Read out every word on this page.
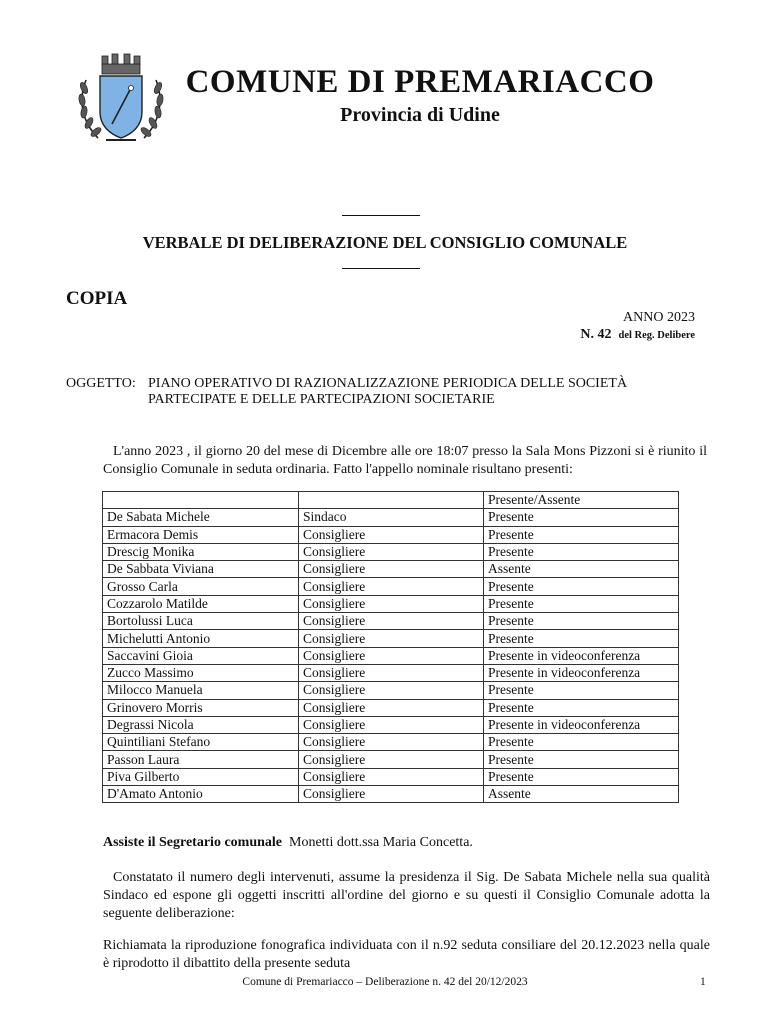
COMUNE DI PREMARIACCO
Provincia di Udine
VERBALE DI DELIBERAZIONE DEL CONSIGLIO COMUNALE
COPIA
ANNO 2023
N. 42 del Reg. Delibere
OGGETTO: PIANO OPERATIVO DI RAZIONALIZZAZIONE PERIODICA DELLE SOCIETÀ
PARTECIPATE E DELLE PARTECIPAZIONI SOCIETARIE
L'anno 2023 , il giorno 20 del mese di Dicembre alle ore 18:07 presso la Sala Mons Pizzoni si è riunito il Consiglio Comunale in seduta ordinaria. Fatto l'appello nominale risultano presenti:
		Presente/Assente
De Sabata Michele	Sindaco	Presente
Ermacora Demis	Consigliere	Presente
Drescig Monika	Consigliere	Presente
De Sabbata Viviana	Consigliere	Assente
Grosso Carla	Consigliere	Presente
Cozzarolo Matilde	Consigliere	Presente
Bortolussi Luca	Consigliere	Presente
Michelutti Antonio	Consigliere	Presente
Saccavini Gioia	Consigliere	Presente in videoconferenza
Zucco Massimo	Consigliere	Presente in videoconferenza
Milocco Manuela	Consigliere	Presente
Grinovero Morris	Consigliere	Presente
Degrassi Nicola	Consigliere	Presente in videoconferenza
Quintiliani Stefano	Consigliere	Presente
Passon Laura	Consigliere	Presente
Piva Gilberto	Consigliere	Presente
D'Amato Antonio	Consigliere	Assente
Assiste il Segretario comunale Monetti dott.ssa Maria Concetta.
Constatato il numero degli intervenuti, assume la presidenza il Sig. De Sabata Michele nella sua qualità Sindaco ed espone gli oggetti inscritti all'ordine del giorno e su questi il Consiglio Comunale adotta la seguente deliberazione:
Richiamata la riproduzione fonografica individuata con il n.92 seduta consiliare del 20.12.2023 nella quale è riprodotto il dibattito della presente seduta
Comune di Premariacco – Deliberazione n. 42 del 20/12/2023	1
